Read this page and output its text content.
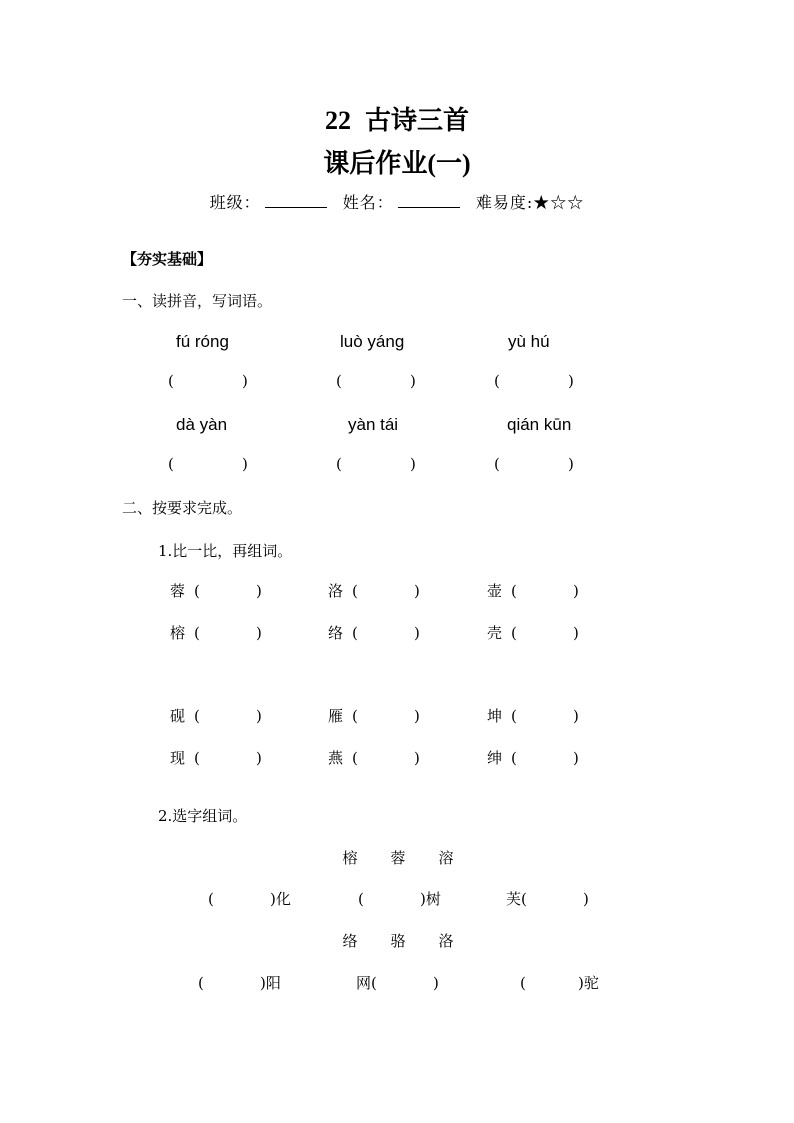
22 古诗三首
课后作业(一)
班级：	姓名：	难易度:★☆☆
【夯实基础】
一、读拼音，写词语。
fú róng	luò yáng	yù hú
(	)	(	)	(	)
dà yàn	yàn tái	qián kūn
(	)	(	)	(	)
二、按要求完成。
1.比一比，再组词。
蓉 (	)	洛 (	)	壶 (	)
榕 (	)	络 (	)	壳 (	)
砚 (	)	雁 (	)	坤 (	)
现 (	)	燕 (	)	绅 (	)
2.选字组词。
榕 蓉 溶
(	)化	(	)树	芙(	)
络 骆 洛
(	)阳	网(	)	(	)驼
